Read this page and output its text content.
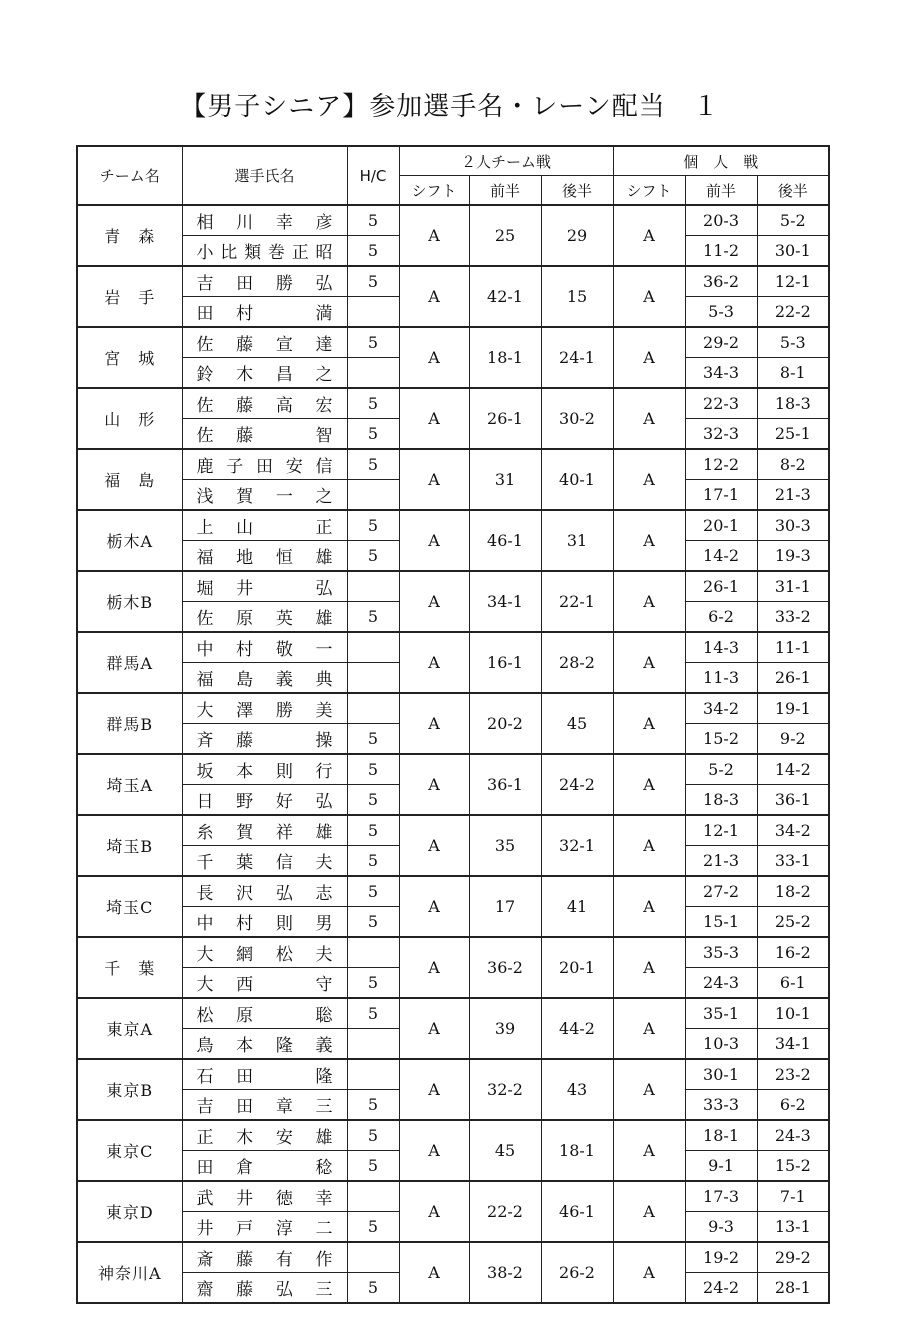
【男子シニア】参加選手名・レーン配当　１
チーム名	選手氏名	H/C	２人チーム戦			個　人　戦		
			シフト	前半	後半	シフト	前半	後半
青　森	相川幸彦	5	A	25	29	A	20-3	5-2

	小比類巻正昭	5					11-2	30-1
岩　手	吉田勝弘	5	A	42-1	15	A	36-2	12-1

	田村　満						5-3	22-2
宮　城	佐藤宣達	5	A	18-1	24-1	A	29-2	5-3

	鈴木昌之						34-3	8-1
山　形	佐藤高宏	5	A	26-1	30-2	A	22-3	18-3

	佐藤　智	5					32-3	25-1
福　島	鹿子田安信	5	A	31	40-1	A	12-2	8-2

	浅賀一之						17-1	21-3
栃木A	上山　正	5	A	46-1	31	A	20-1	30-3

	福地恒雄	5					14-2	19-3
栃木B	堀井　弘		A	34-1	22-1	A	26-1	31-1

	佐原英雄	5					6-2	33-2
群馬A	中村敬一		A	16-1	28-2	A	14-3	11-1

	福島義典						11-3	26-1
群馬B	大澤勝美		A	20-2	45	A	34-2	19-1

	斉藤　操	5					15-2	9-2
埼玉A	坂本則行	5	A	36-1	24-2	A	5-2	14-2

	日野好弘	5					18-3	36-1
埼玉B	糸賀祥雄	5	A	35	32-1	A	12-1	34-2

	千葉信夫	5					21-3	33-1
埼玉C	長沢弘志	5	A	17	41	A	27-2	18-2

	中村則男	5					15-1	25-2
千　葉	大網松夫		A	36-2	20-1	A	35-3	16-2

	大西　守	5					24-3	6-1
東京A	松原　聡	5	A	39	44-2	A	35-1	10-1

	鳥本隆義						10-3	34-1
東京B	石田　隆		A	32-2	43	A	30-1	23-2

	吉田章三	5					33-3	6-2
東京C	正木安雄	5	A	45	18-1	A	18-1	24-3

	田倉　稔	5					9-1	15-2
東京D	武井徳幸		A	22-2	46-1	A	17-3	7-1

	井戸淳二	5					9-3	13-1
神奈川A	斎藤有作		A	38-2	26-2	A	19-2	29-2

	齋藤弘三	5					24-2	28-1
